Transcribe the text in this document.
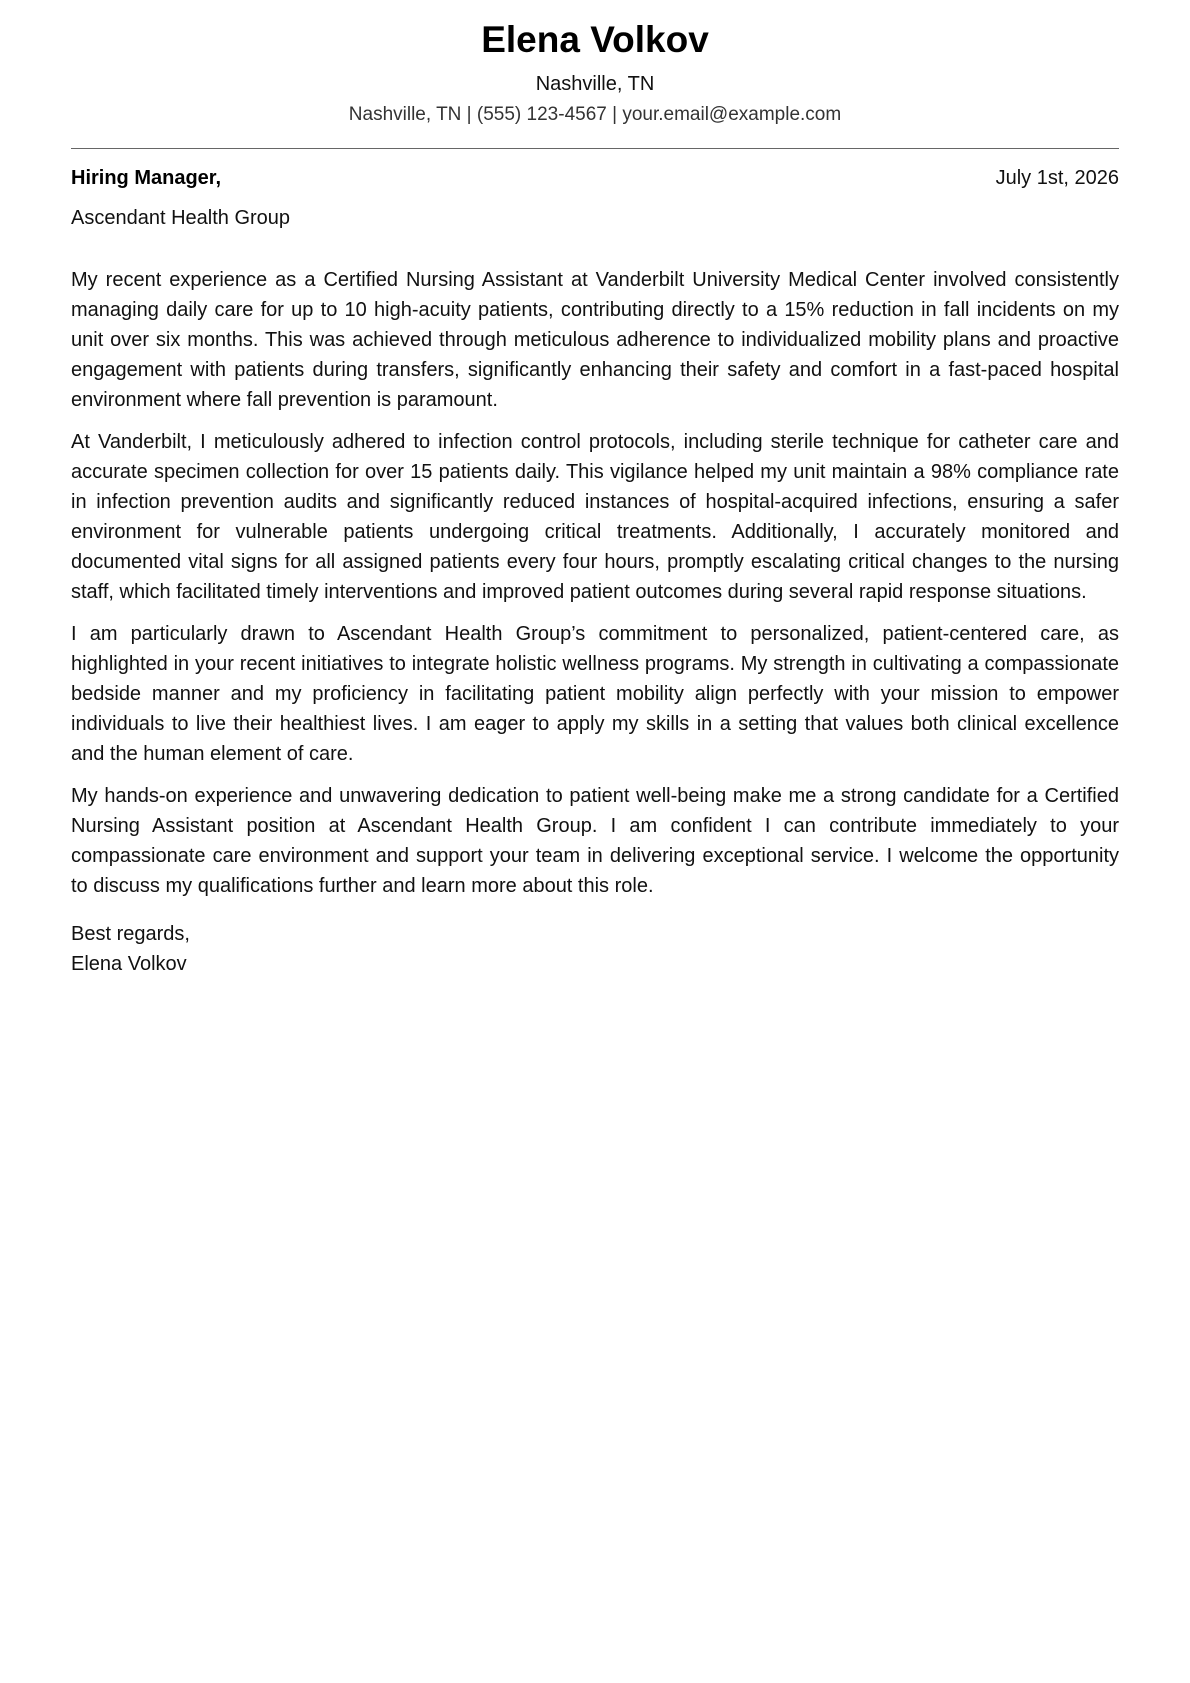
Elena Volkov
Nashville, TN
Nashville, TN | (555) 123-4567 | your.email@example.com
Hiring Manager,	July 1st, 2026
Ascendant Health Group

My recent experience as a Certified Nursing Assistant at Vanderbilt University Medical Center involved consistently managing daily care for up to 10 high-acuity patients, contributing directly to a 15% reduction in fall incidents on my unit over six months. This was achieved through meticulous adherence to individualized mobility plans and proactive engagement with patients during transfers, significantly enhancing their safety and comfort in a fast-paced hospital environment where fall prevention is paramount.

At Vanderbilt, I meticulously adhered to infection control protocols, including sterile technique for catheter care and accurate specimen collection for over 15 patients daily. This vigilance helped my unit maintain a 98% compliance rate in infection prevention audits and significantly reduced instances of hospital-acquired infections, ensuring a safer environment for vulnerable patients undergoing critical treatments. Additionally, I accurately monitored and documented vital signs for all assigned patients every four hours, promptly escalating critical changes to the nursing staff, which facilitated timely interventions and improved patient outcomes during several rapid response situations.

I am particularly drawn to Ascendant Health Group’s commitment to personalized, patient-centered care, as highlighted in your recent initiatives to integrate holistic wellness programs. My strength in cultivating a compassionate bedside manner and my proficiency in facilitating patient mobility align perfectly with your mission to empower individuals to live their healthiest lives. I am eager to apply my skills in a setting that values both clinical excellence and the human element of care.

My hands-on experience and unwavering dedication to patient well-being make me a strong candidate for a Certified Nursing Assistant position at Ascendant Health Group. I am confident I can contribute immediately to your compassionate care environment and support your team in delivering exceptional service. I welcome the opportunity to discuss my qualifications further and learn more about this role.

Best regards,
Elena Volkov
